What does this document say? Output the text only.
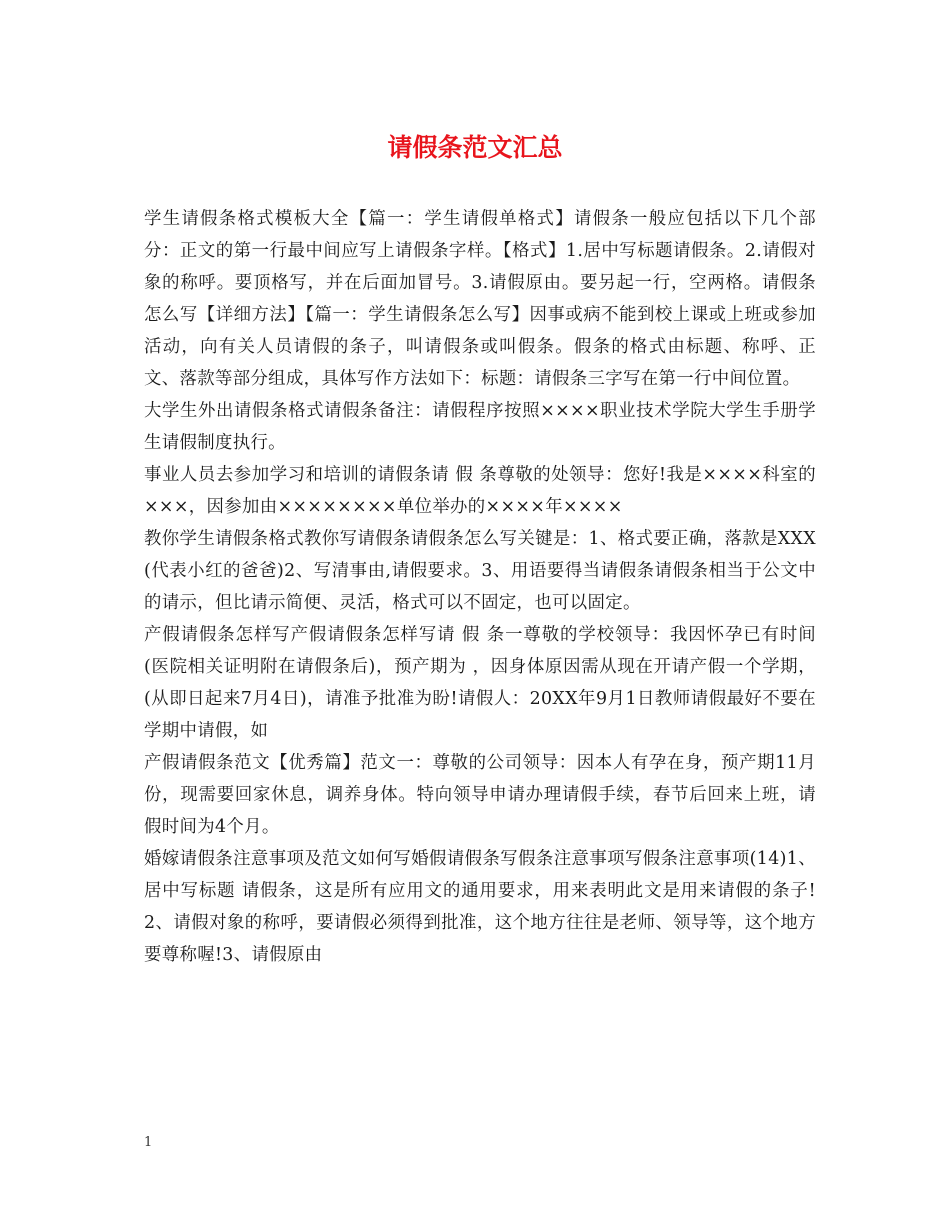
请假条范文汇总

学生请假条格式模板大全【篇一：学生请假单格式】请假条一般应包括以下几个部分：正文的第一行最中间应写上请假条字样。【格式】1.居中写标题请假条。2.请假对象的称呼。要顶格写，并在后面加冒号。3.请假原由。要另起一行，空两格。请假条怎么写【详细方法】【篇一：学生请假条怎么写】因事或病不能到校上课或上班或参加活动，向有关人员请假的条子，叫请假条或叫假条。假条的格式由标题、称呼、正文、落款等部分组成，具体写作方法如下：标题：请假条三字写在第一行中间位置。

大学生外出请假条格式请假条备注：请假程序按照××××职业技术学院大学生手册学生请假制度执行。

事业人员去参加学习和培训的请假条请 假 条尊敬的处领导：您好!我是××××科室的×××，因参加由××××××××单位举办的××××年××××

教你学生请假条格式教你写请假条请假条怎么写关键是：1、格式要正确，落款是XXX(代表小红的爸爸)2、写清事由,请假要求。3、用语要得当请假条请假条相当于公文中的请示，但比请示简便、灵活，格式可以不固定，也可以固定。

产假请假条怎样写产假请假条怎样写请 假 条一尊敬的学校领导：我因怀孕已有时间(医院相关证明附在请假条后)，预产期为 ，因身体原因需从现在开请产假一个学期，(从即日起来7月4日)，请准予批准为盼!请假人：20XX年9月1日教师请假最好不要在学期中请假，如

产假请假条范文【优秀篇】范文一：尊敬的公司领导：因本人有孕在身，预产期11月份，现需要回家休息，调养身体。特向领导申请办理请假手续，春节后回来上班，请假时间为4个月。

婚嫁请假条注意事项及范文如何写婚假请假条写假条注意事项写假条注意事项(14)1、居中写标题 请假条，这是所有应用文的通用要求，用来表明此文是用来请假的条子!2、请假对象的称呼，要请假必须得到批准，这个地方往往是老师、领导等，这个地方要尊称喔!3、请假原由

1
